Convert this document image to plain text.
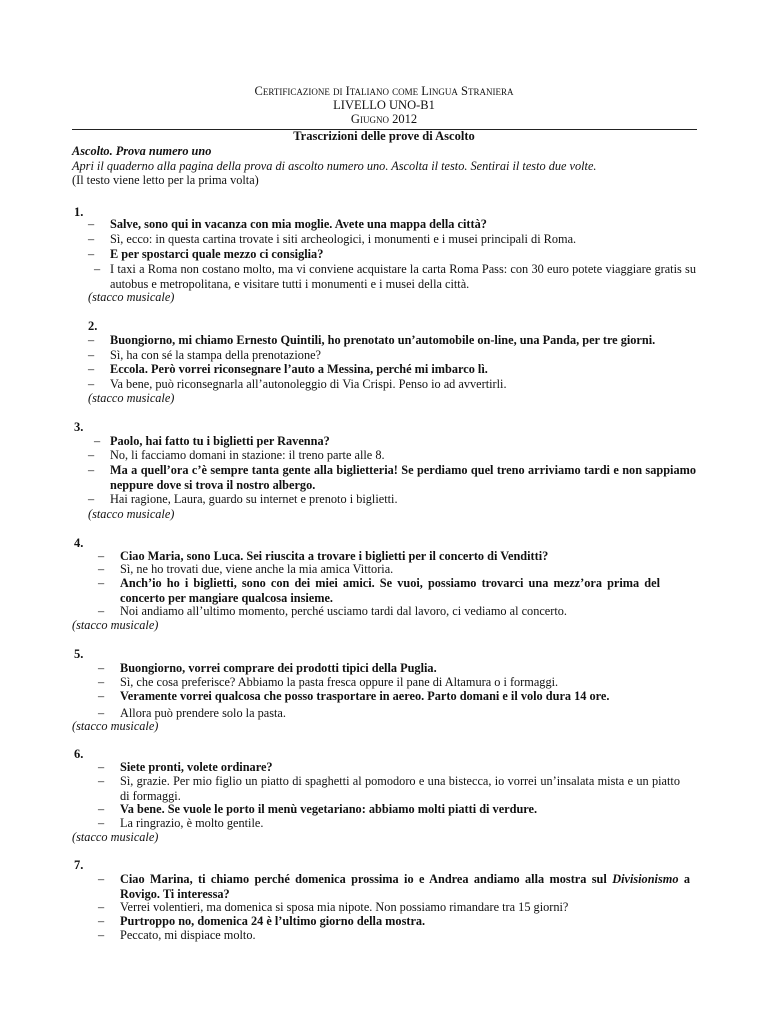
Certificazione di Italiano come Lingua Straniera
LIVELLO UNO-B1
Giugno 2012
Trascrizioni delle prove di Ascolto
Ascolto. Prova numero uno
Apri il quaderno alla pagina della prova di ascolto numero uno. Ascolta il testo. Sentirai il testo due volte.
(Il testo viene letto per la prima volta)
1.
– Salve, sono qui in vacanza con mia moglie. Avete una mappa della città?
– Sì, ecco: in questa cartina trovate i siti archeologici, i monumenti e i musei principali di Roma.
– E per spostarci quale mezzo ci consiglia?
– I taxi a Roma non costano molto, ma vi conviene acquistare la carta Roma Pass: con 30 euro potete viaggiare gratis su autobus e metropolitana, e visitare tutti i monumenti e i musei della città.
(stacco musicale)
2.
– Buongiorno, mi chiamo Ernesto Quintili, ho prenotato un’automobile on-line, una Panda, per tre giorni.
– Sì, ha con sé la stampa della prenotazione?
– Eccola. Però vorrei riconsegnare l’auto a Messina, perché mi imbarco lì.
– Va bene, può riconsegnarla all’autonoleggio di Via Crispi. Penso io ad avvertirli.
(stacco musicale)
3.
– Paolo, hai fatto tu i biglietti per Ravenna?
– No, li facciamo domani in stazione: il treno parte alle 8.
– Ma a quell’ora c’è sempre tanta gente alla biglietteria! Se perdiamo quel treno arriviamo tardi e non sappiamo neppure dove si trova il nostro albergo.
– Hai ragione, Laura, guardo su internet e prenoto i biglietti.
(stacco musicale)
4.
– Ciao Maria, sono Luca. Sei riuscita a trovare i biglietti per il concerto di Venditti?
– Sì, ne ho trovati due, viene anche la mia amica Vittoria.
– Anch’io ho i biglietti, sono con dei miei amici. Se vuoi, possiamo trovarci una mezz’ora prima del concerto per mangiare qualcosa insieme.
– Noi andiamo all’ultimo momento, perché usciamo tardi dal lavoro, ci vediamo al concerto.
(stacco musicale)
5.
– Buongiorno, vorrei comprare dei prodotti tipici della Puglia.
– Sì, che cosa preferisce? Abbiamo la pasta fresca oppure il pane di Altamura o i formaggi.
– Veramente vorrei qualcosa che posso trasportare in aereo. Parto domani e il volo dura 14 ore.
– Allora può prendere solo la pasta.
(stacco musicale)
6.
– Siete pronti, volete ordinare?
– Sì, grazie. Per mio figlio un piatto di spaghetti al pomodoro e una bistecca, io vorrei un’insalata mista e un piatto di formaggi.
– Va bene. Se vuole le porto il menù vegetariano: abbiamo molti piatti di verdure.
– La ringrazio, è molto gentile.
(stacco musicale)
7.
– Ciao Marina, ti chiamo perché domenica prossima io e Andrea andiamo alla mostra sul Divisionismo a Rovigo. Ti interessa?
– Verrei volentieri, ma domenica si sposa mia nipote. Non possiamo rimandare tra 15 giorni?
– Purtroppo no, domenica 24 è l’ultimo giorno della mostra.
– Peccato, mi dispiace molto.
